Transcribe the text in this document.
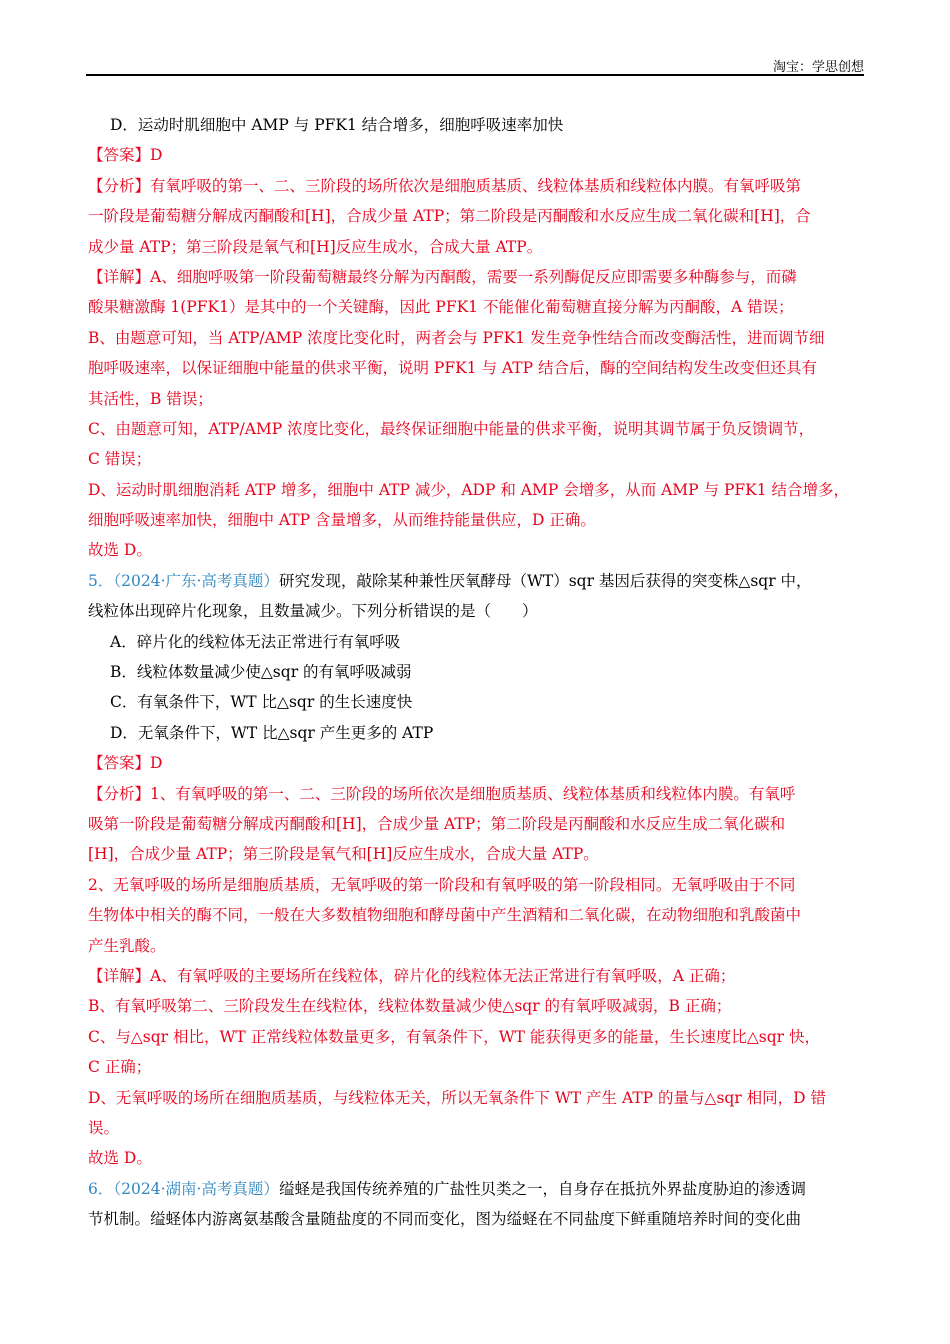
淘宝：学思创想
D．运动时肌细胞中 AMP 与 PFK1 结合增多，细胞呼吸速率加快
【答案】D
【分析】有氧呼吸的第一、二、三阶段的场所依次是细胞质基质、线粒体基质和线粒体内膜。有氧呼吸第
一阶段是葡萄糖分解成丙酮酸和[H]，合成少量 ATP；第二阶段是丙酮酸和水反应生成二氧化碳和[H]，合
成少量 ATP；第三阶段是氧气和[H]反应生成水，合成大量 ATP。
【详解】A、细胞呼吸第一阶段葡萄糖最终分解为丙酮酸，需要一系列酶促反应即需要多种酶参与，而磷
酸果糖激酶 1(PFK1）是其中的一个关键酶，因此 PFK1 不能催化葡萄糖直接分解为丙酮酸，A 错误；
B、由题意可知，当 ATP/AMP 浓度比变化时，两者会与 PFK1 发生竞争性结合而改变酶活性，进而调节细
胞呼吸速率，以保证细胞中能量的供求平衡，说明 PFK1 与 ATP 结合后，酶的空间结构发生改变但还具有
其活性，B 错误；
C、由题意可知，ATP/AMP 浓度比变化，最终保证细胞中能量的供求平衡，说明其调节属于负反馈调节，
C 错误；
D、运动时肌细胞消耗 ATP 增多，细胞中 ATP 减少，ADP 和 AMP 会增多，从而 AMP 与 PFK1 结合增多，
细胞呼吸速率加快，细胞中 ATP 含量增多，从而维持能量供应，D 正确。
故选 D。
5．（2024·广东·高考真题）研究发现，敲除某种兼性厌氧酵母（WT）sqr 基因后获得的突变株△sqr 中，
线粒体出现碎片化现象，且数量减少。下列分析错误的是（　　）
A．碎片化的线粒体无法正常进行有氧呼吸
B．线粒体数量减少使△sqr 的有氧呼吸减弱
C．有氧条件下，WT 比△sqr 的生长速度快
D．无氧条件下，WT 比△sqr 产生更多的 ATP
【答案】D
【分析】1、有氧呼吸的第一、二、三阶段的场所依次是细胞质基质、线粒体基质和线粒体内膜。有氧呼
吸第一阶段是葡萄糖分解成丙酮酸和[H]，合成少量 ATP；第二阶段是丙酮酸和水反应生成二氧化碳和
[H]，合成少量 ATP；第三阶段是氧气和[H]反应生成水，合成大量 ATP。
2、无氧呼吸的场所是细胞质基质，无氧呼吸的第一阶段和有氧呼吸的第一阶段相同。无氧呼吸由于不同
生物体中相关的酶不同，一般在大多数植物细胞和酵母菌中产生酒精和二氧化碳，在动物细胞和乳酸菌中
产生乳酸。
【详解】A、有氧呼吸的主要场所在线粒体，碎片化的线粒体无法正常进行有氧呼吸，A 正确；
B、有氧呼吸第二、三阶段发生在线粒体，线粒体数量减少使△sqr 的有氧呼吸减弱，B 正确；
C、与△sqr 相比，WT 正常线粒体数量更多，有氧条件下，WT 能获得更多的能量，生长速度比△sqr 快，
C 正确；
D、无氧呼吸的场所在细胞质基质，与线粒体无关，所以无氧条件下 WT 产生 ATP 的量与△sqr 相同，D 错
误。
故选 D。
6．（2024·湖南·高考真题）缢蛏是我国传统养殖的广盐性贝类之一，自身存在抵抗外界盐度胁迫的渗透调
节机制。缢蛏体内游离氨基酸含量随盐度的不同而变化，图为缢蛏在不同盐度下鲜重随培养时间的变化曲
